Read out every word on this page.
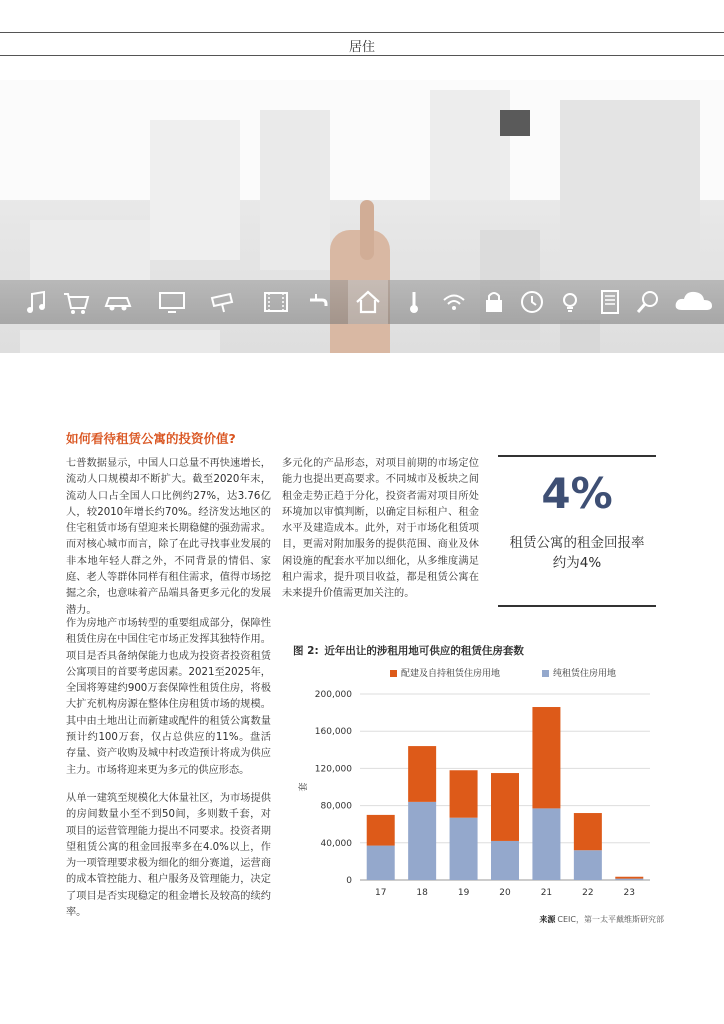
居住
如何看待租赁公寓的投资价值?
七普数据显示，中国人口总量不再快速增长，流动人口规模却不断扩大。截至2020年末，流动人口占全国人口比例约27%，达3.76亿人，较2010年增长约70%。经济发达地区的住宅租赁市场有望迎来长期稳健的强劲需求。而对核心城市而言，除了在此寻找事业发展的非本地年轻人群之外，不同背景的情侣、家庭、老人等群体同样有租住需求，值得市场挖掘之余，也意味着产品端具备更多元化的发展潜力。
作为房地产市场转型的重要组成部分，保障性租赁住房在中国住宅市场正发挥其独特作用。项目是否具备纳保能力也成为投资者投资租赁公寓项目的首要考虑因素。2021至2025年，全国将筹建约900万套保障性租赁住房，将极大扩充机构房源在整体住房租赁市场的规模。其中由土地出让而新建或配件的租赁公寓数量预计约100万套，仅占总供应的11%。盘活存量、资产收购及城中村改造预计将成为供应主力。市场将迎来更为多元的供应形态。
从单一建筑至规模化大体量社区，为市场提供的房间数量小至不到50间，多则数千套，对项目的运营管理能力提出不同要求。投资者期望租赁公寓的租金回报率多在4.0%以上，作为一项管理要求极为细化的细分赛道，运营商的成本管控能力、租户服务及管理能力，决定了项目是否实现稳定的租金增长及较高的续约率。
多元化的产品形态，对项目前期的市场定位能力也提出更高要求。不同城市及板块之间租金走势正趋于分化，投资者需对项目所处环境加以审慎判断，以确定目标租户、租金水平及建造成本。此外，对于市场化租赁项目，更需对附加服务的提供范围、商业及休闲设施的配套水平加以细化，从多维度满足租户需求，提升项目收益，都是租赁公寓在未来提升价值需更加关注的。
4%
租赁公寓的租金回报率约为4%
图 2: 近年出让的涉租用地可供应的租赁住房套数
配建及自持租赁住房用地	纯租赁住房用地
0
40,000
80,000
120,000
160,000
200,000
套
17	18	19	20	21	22	23
来源 CEIC，第一太平戴维斯研究部
